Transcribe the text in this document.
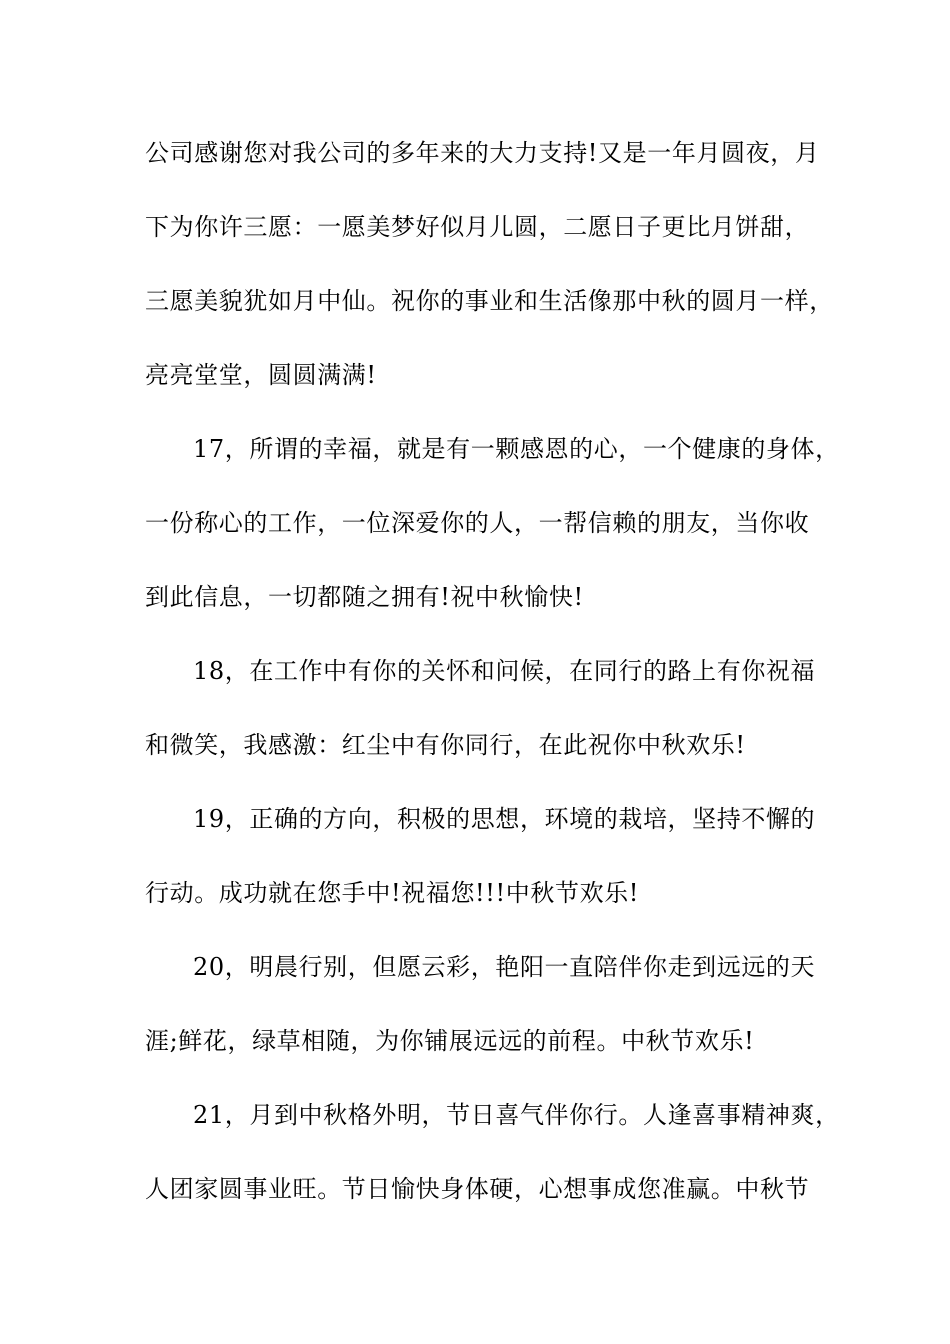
公司感谢您对我公司的多年来的大力支持!又是一年月圆夜，月
下为你许三愿：一愿美梦好似月儿圆，二愿日子更比月饼甜，
三愿美貌犹如月中仙。祝你的事业和生活像那中秋的圆月一样，
亮亮堂堂，圆圆满满!
17，所谓的幸福，就是有一颗感恩的心，一个健康的身体，
一份称心的工作，一位深爱你的人，一帮信赖的朋友，当你收
到此信息，一切都随之拥有!祝中秋愉快!
18，在工作中有你的关怀和问候，在同行的路上有你祝福
和微笑，我感激：红尘中有你同行，在此祝你中秋欢乐!
19，正确的方向，积极的思想，环境的栽培，坚持不懈的
行动。成功就在您手中!祝福您!!!中秋节欢乐!
20，明晨行别，但愿云彩，艳阳一直陪伴你走到远远的天
涯;鲜花，绿草相随，为你铺展远远的前程。中秋节欢乐!
21，月到中秋格外明，节日喜气伴你行。人逢喜事精神爽，
人团家圆事业旺。节日愉快身体硬，心想事成您准赢。中秋节
